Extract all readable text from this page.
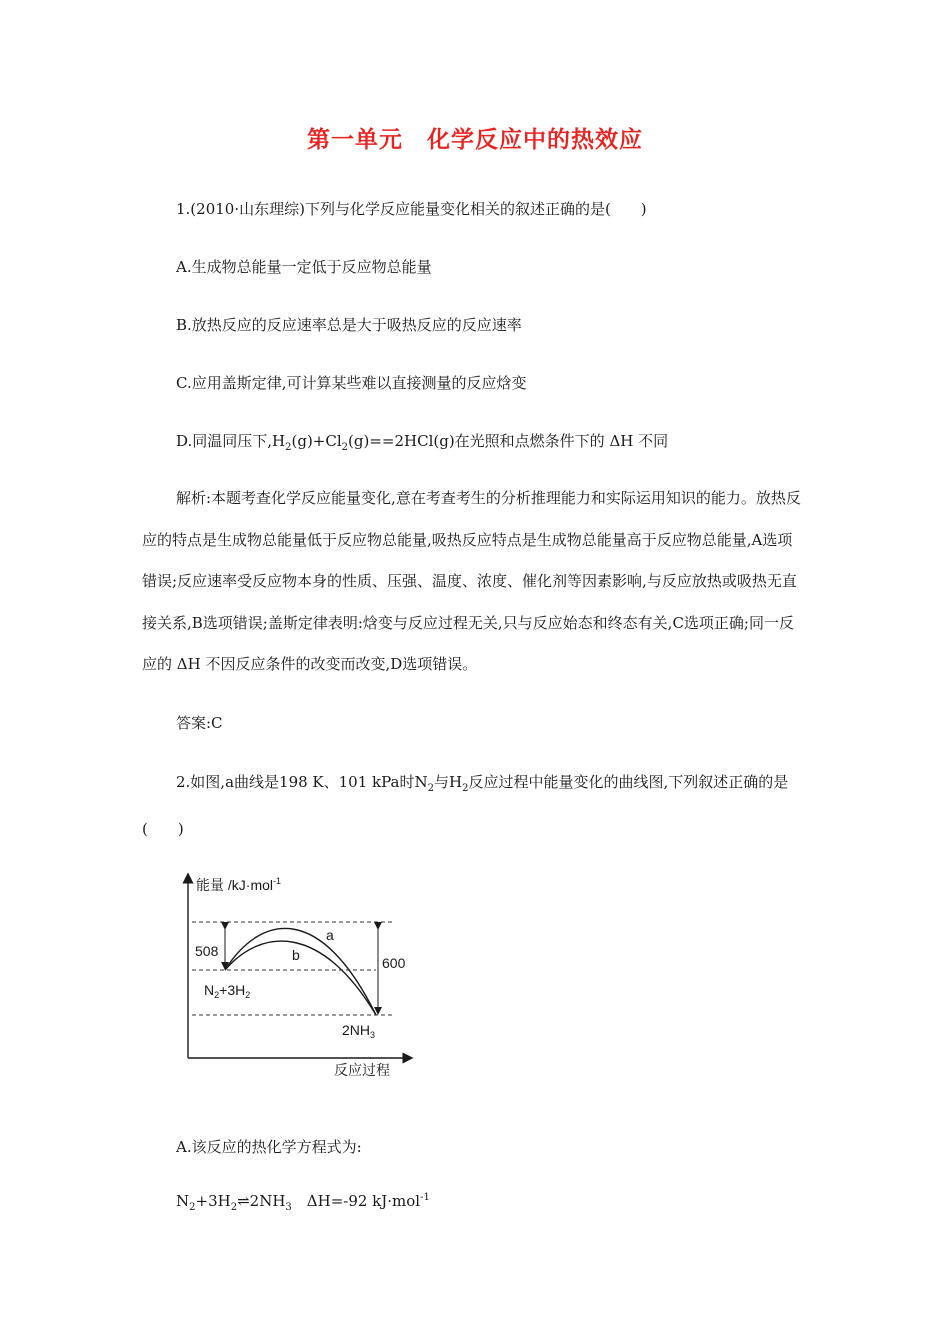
第一单元　化学反应中的热效应
1.(2010·山东理综)下列与化学反应能量变化相关的叙述正确的是(　　)
A.生成物总能量一定低于反应物总能量
B.放热反应的反应速率总是大于吸热反应的反应速率
C.应用盖斯定律,可计算某些难以直接测量的反应焓变
D.同温同压下$,H_2(g)+Cl_2(g)==2HCl(g)$在光照和点燃条件下的 ΔH 不同
解析:本题考查化学反应能量变化,意在考查考生的分析推理能力和实际运用知识的能力。放热反应的特点是生成物总能量低于反应物总能量,吸热反应特点是生成物总能量高于反应物总能量,A选项错误;反应速率受反应物本身的性质、压强、温度、浓度、催化剂等因素影响,与反应放热或吸热无直接关系,B选项错误;盖斯定律表明:焓变与反应过程无关,只与反应始态和终态有关,C选项正确;同一反应的 ΔH 不因反应条件的改变而改变,D选项错误。
答案:C
2.如图,a曲线是198 K、101 kPa时$N_2$与$H_2$反应过程中能量变化的曲线图,下列叙述正确的是(　　)
能量 /kJ·mol$^{-1}$
反应过程
508
600
a
b
$N_2+3H_2$
$2NH_3$
A.该反应的热化学方程式为:
$N_2+3H_2\rightleftharpoons 2NH_3$　ΔH=-92 kJ·mol$^{-1}$
